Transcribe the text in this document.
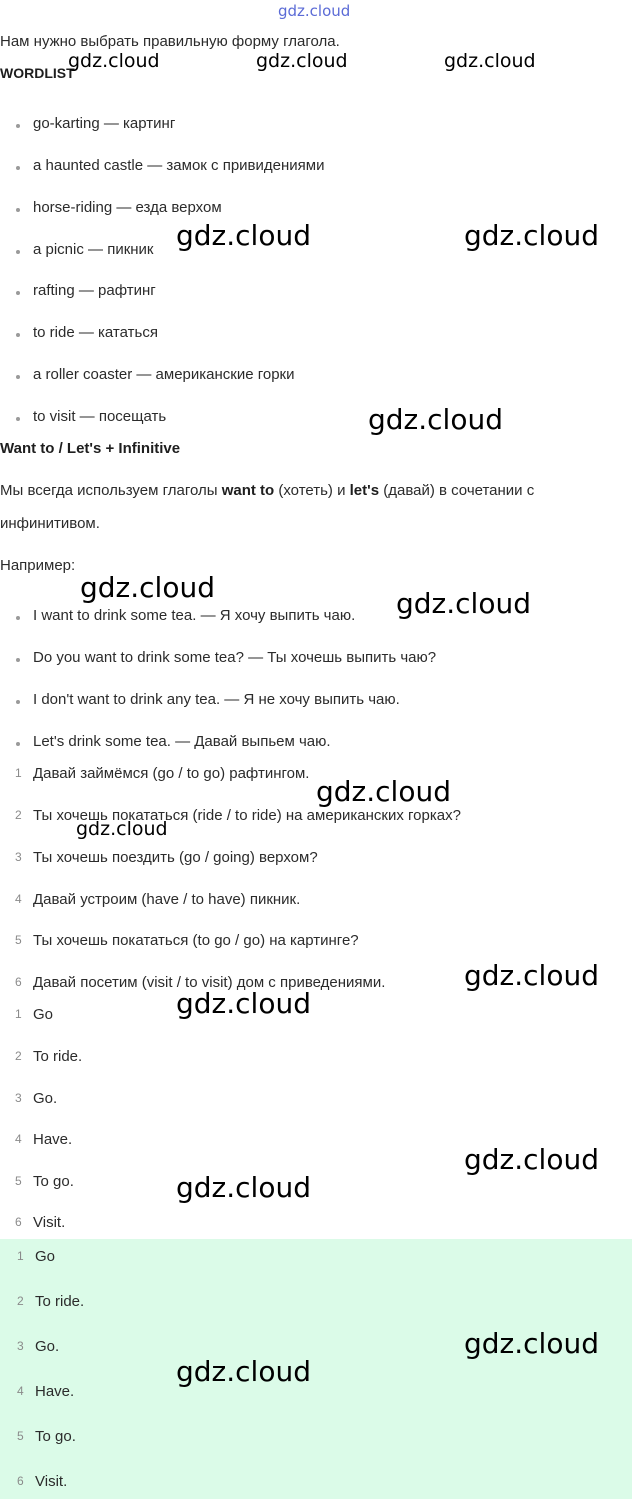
gdz.cloud
Нам нужно выбрать правильную форму глагола.
WORDLIST
go-karting — картинг
a haunted castle — замок с привидениями
horse-riding — езда верхом
a picnic — пикник
rafting — рафтинг
to ride — кататься
a roller coaster — американские горки
to visit — посещать
Want to / Let's + Infinitive
Мы всегда используем глаголы want to (хотеть) и let's (давай) в сочетании с
инфинитивом.
Например:
I want to drink some tea. — Я хочу выпить чаю.
Do you want to drink some tea? — Ты хочешь выпить чаю?
I don't want to drink any tea. — Я не хочу выпить чаю.
Let's drink some tea. — Давай выпьем чаю.
1 Давай займёмся (go / to go) рафтингом.
2 Ты хочешь покататься (ride / to ride) на американских горках?
3 Ты хочешь поездить (go / going) верхом?
4 Давай устроим (have / to have) пикник.
5 Ты хочешь покататься (to go / go) на картинге?
6 Давай посетим (visit / to visit) дом с приведениями.
1 Go
2 To ride.
3 Go.
4 Have.
5 To go.
6 Visit.
1 Go
2 To ride.
3 Go.
4 Have.
5 To go.
6 Visit.
gdz.cloud	gdz.cloud	gdz.cloud
gdz.cloud	gdz.cloud
gdz.cloud
gdz.cloud	gdz.cloud
gdz.cloud
gdz.cloud
gdz.cloud
gdz.cloud
gdz.cloud
gdz.cloud
gdz.cloud
gdz.cloud
